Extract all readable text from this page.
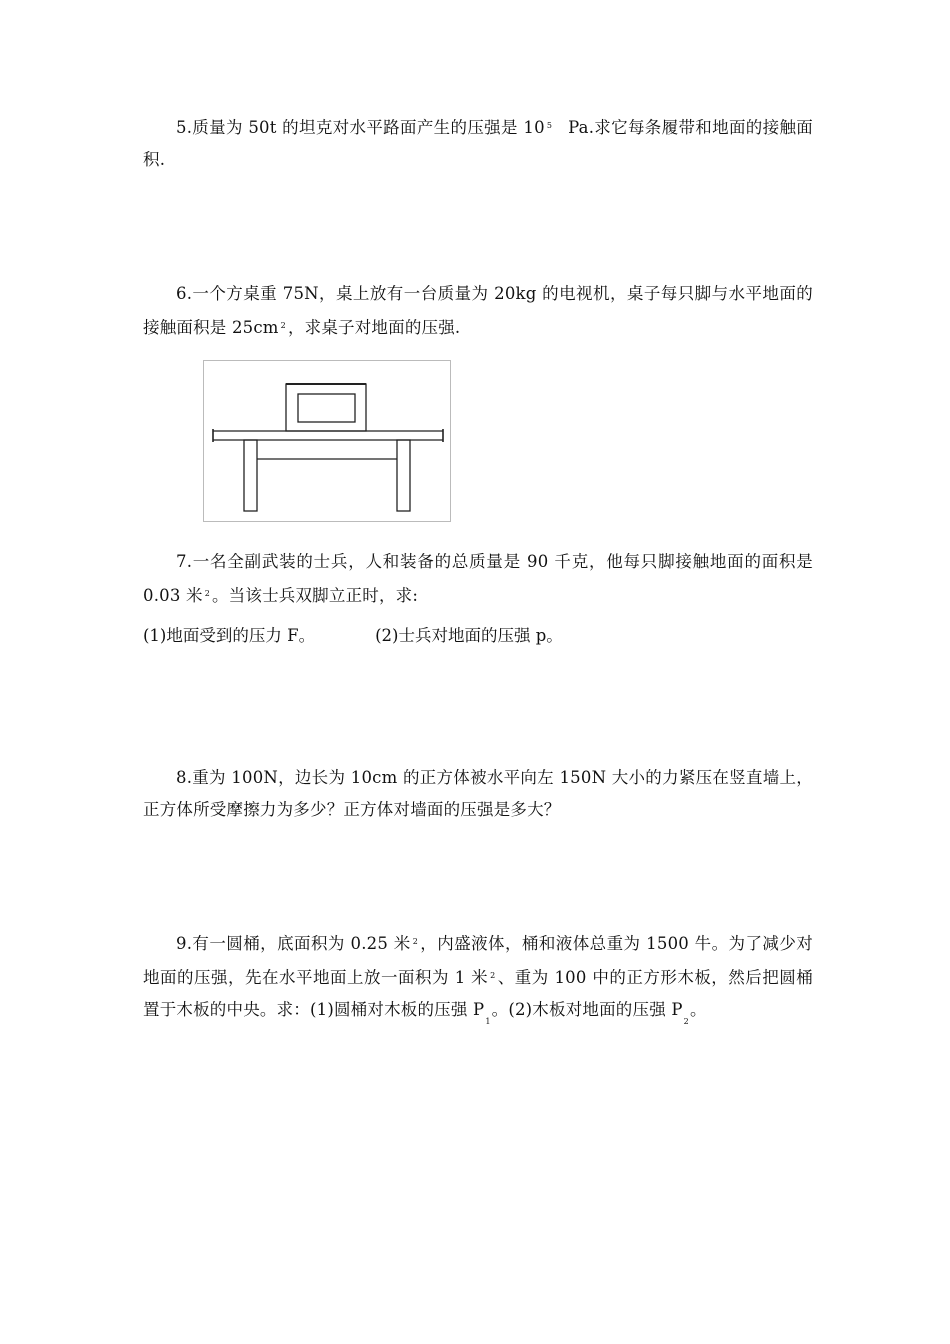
5.质量为 50t 的坦克对水平路面产生的压强是 10 $^5$ Pa.求它每条履带和地面的接触面积.

6.一个方桌重 75N，桌上放有一台质量为 20kg 的电视机，桌子每只脚与水平地面的接触面积是 25cm $^2$ ，求桌子对地面的压强.

7.一名全副武装的士兵，人和装备的总质量是 90 千克，他每只脚接触地面的面积是 0.03 米 $^2$ 。当该士兵双脚立正时，求:

(1)地面受到的压力 F。	(2)士兵对地面的压强 p。

8.重为 100N，边长为 10cm 的正方体被水平向左 150N 大小的力紧压在竖直墙上，正方体所受摩擦力为多少？正方体对墙面的压强是多大？

9.有一圆桶，底面积为 0.25 米 $^2$ ，内盛液体，桶和液体总重为 1500 牛。为了减少对地面的压强，先在水平地面上放一面积为 1 米 $^2$ 、重为 100 中的正方形木板，然后把圆桶置于木板的中央。求：(1)圆桶对木板的压强 $P_1$。(2)木板对地面的压强 $P_2$。
